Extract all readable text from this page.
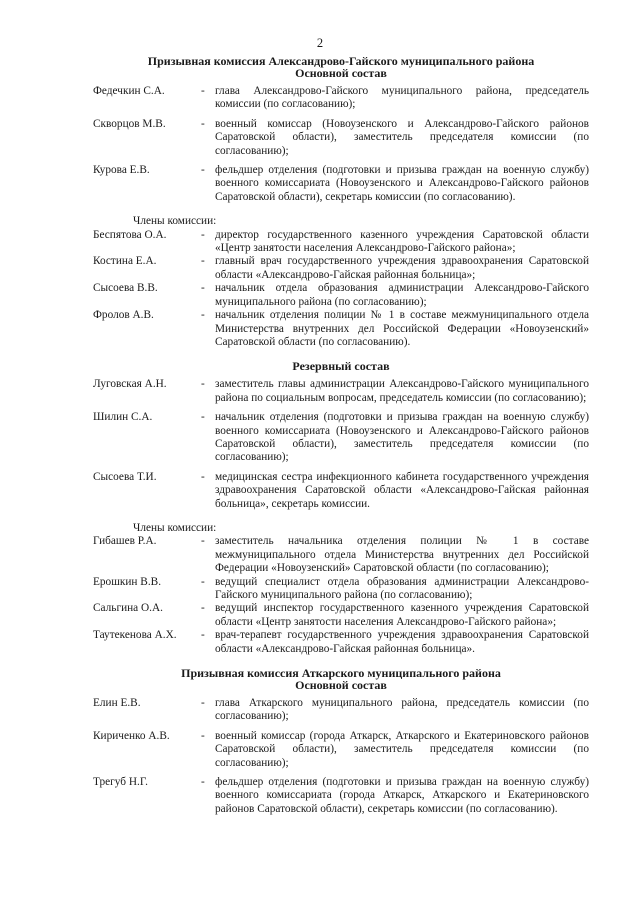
2
Призывная комиссия Александрово-Гайского муниципального района
Основной состав
Федечкин С.А.	- глава Александрово-Гайского муниципального района, председатель комиссии (по согласованию);
Скворцов М.В.	- военный комиссар (Новоузенского и Александрово-Гайского районов Саратовской области), заместитель председателя комиссии (по согласованию);
Курова Е.В.	- фельдшер отделения (подготовки и призыва граждан на военную службу) военного комиссариата (Новоузенского и Александрово-Гайского районов Саратовской области), секретарь комиссии (по согласованию).
Члены комиссии:
Беспятова О.А.	- директор государственного казенного учреждения Саратовской области «Центр занятости населения Александрово-Гайского района»;
Костина Е.А.	- главный врач государственного учреждения здравоохранения Саратовской области «Александрово-Гайская районная больница»;
Сысоева В.В.	- начальник отдела образования администрации Александрово-Гайского муниципального района (по согласованию);
Фролов А.В.	- начальник отделения полиции № 1 в составе межмуниципального отдела Министерства внутренних дел Российской Федерации «Новоузенский» Саратовской области (по согласованию).
Резервный состав
Луговская А.Н.	- заместитель главы администрации Александрово-Гайского муниципального района по социальным вопросам, председатель комиссии (по согласованию);
Шилин С.А.	- начальник отделения (подготовки и призыва граждан на военную службу) военного комиссариата (Новоузенского и Александрово-Гайского районов Саратовской области), заместитель председателя комиссии (по согласованию);
Сысоева Т.И.	- медицинская сестра инфекционного кабинета государственного учреждения здравоохранения Саратовской области «Александрово-Гайская районная больница», секретарь комиссии.
Члены комиссии:
Гибашев Р.А.	- заместитель начальника отделения полиции № 1 в составе межмуниципального отдела Министерства внутренних дел Российской Федерации «Новоузенский» Саратовской области (по согласованию);
Ерошкин В.В.	- ведущий специалист отдела образования администрации Александрово-Гайского муниципального района (по согласованию);
Сальгина О.А.	- ведущий инспектор государственного казенного учреждения Саратовской области «Центр занятости населения Александрово-Гайского района»;
Таутекенова А.Х.	- врач-терапевт государственного учреждения здравоохранения Саратовской области «Александрово-Гайская районная больница».
Призывная комиссия Аткарского муниципального района
Основной состав
Елин Е.В.	- глава Аткарского муниципального района, председатель комиссии (по согласованию);
Кириченко А.В.	- военный комиссар (города Аткарск, Аткарского и Екатериновского районов Саратовской области), заместитель председателя комиссии (по согласованию);
Трегуб Н.Г.	- фельдшер отделения (подготовки и призыва граждан на военную службу) военного комиссариата (города Аткарск, Аткарского и Екатериновского районов Саратовской области), секретарь комиссии (по согласованию).
